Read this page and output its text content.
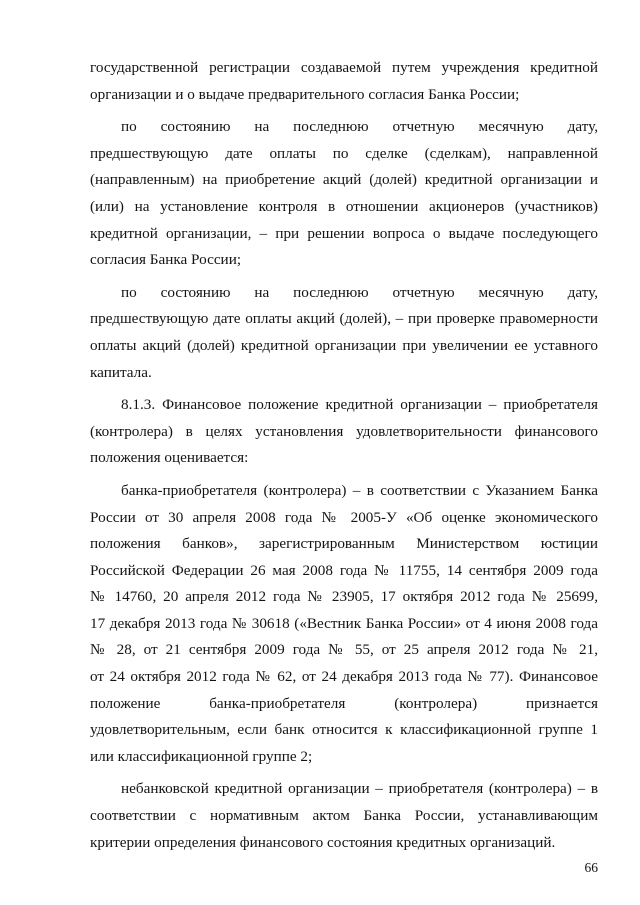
государственной регистрации создаваемой путем учреждения кредитной
организации и о выдаче предварительного согласия Банка России;
по состоянию на последнюю отчетную месячную дату,
предшествующую дате оплаты по сделке (сделкам), направленной
(направленным) на приобретение акций (долей) кредитной организации и
(или) на установление контроля в отношении акционеров (участников)
кредитной организации, – при решении вопроса о выдаче последующего
согласия Банка России;
по состоянию на последнюю отчетную месячную дату,
предшествующую дате оплаты акций (долей), – при проверке правомерности
оплаты акций (долей) кредитной организации при увеличении ее уставного
капитала.
8.1.3. Финансовое положение кредитной организации – приобретателя
(контролера) в целях установления удовлетворительности финансового
положения оценивается:
банка-приобретателя (контролера) – в соответствии с Указанием Банка
России от 30 апреля 2008 года № 2005-У «Об оценке экономического
положения банков», зарегистрированным Министерством юстиции
Российской Федерации 26 мая 2008 года № 11755, 14 сентября 2009 года
№ 14760, 20 апреля 2012 года № 23905, 17 октября 2012 года № 25699,
17 декабря 2013 года № 30618 («Вестник Банка России» от 4 июня 2008 года
№ 28, от 21 сентября 2009 года № 55, от 25 апреля 2012 года № 21,
от 24 октября 2012 года № 62, от 24 декабря 2013 года № 77). Финансовое
положение банка-приобретателя (контролера) признается
удовлетворительным, если банк относится к классификационной группе 1
или классификационной группе 2;
небанковской кредитной организации – приобретателя (контролера) – в
соответствии с нормативным актом Банка России, устанавливающим
критерии определения финансового состояния кредитных организаций.
66
